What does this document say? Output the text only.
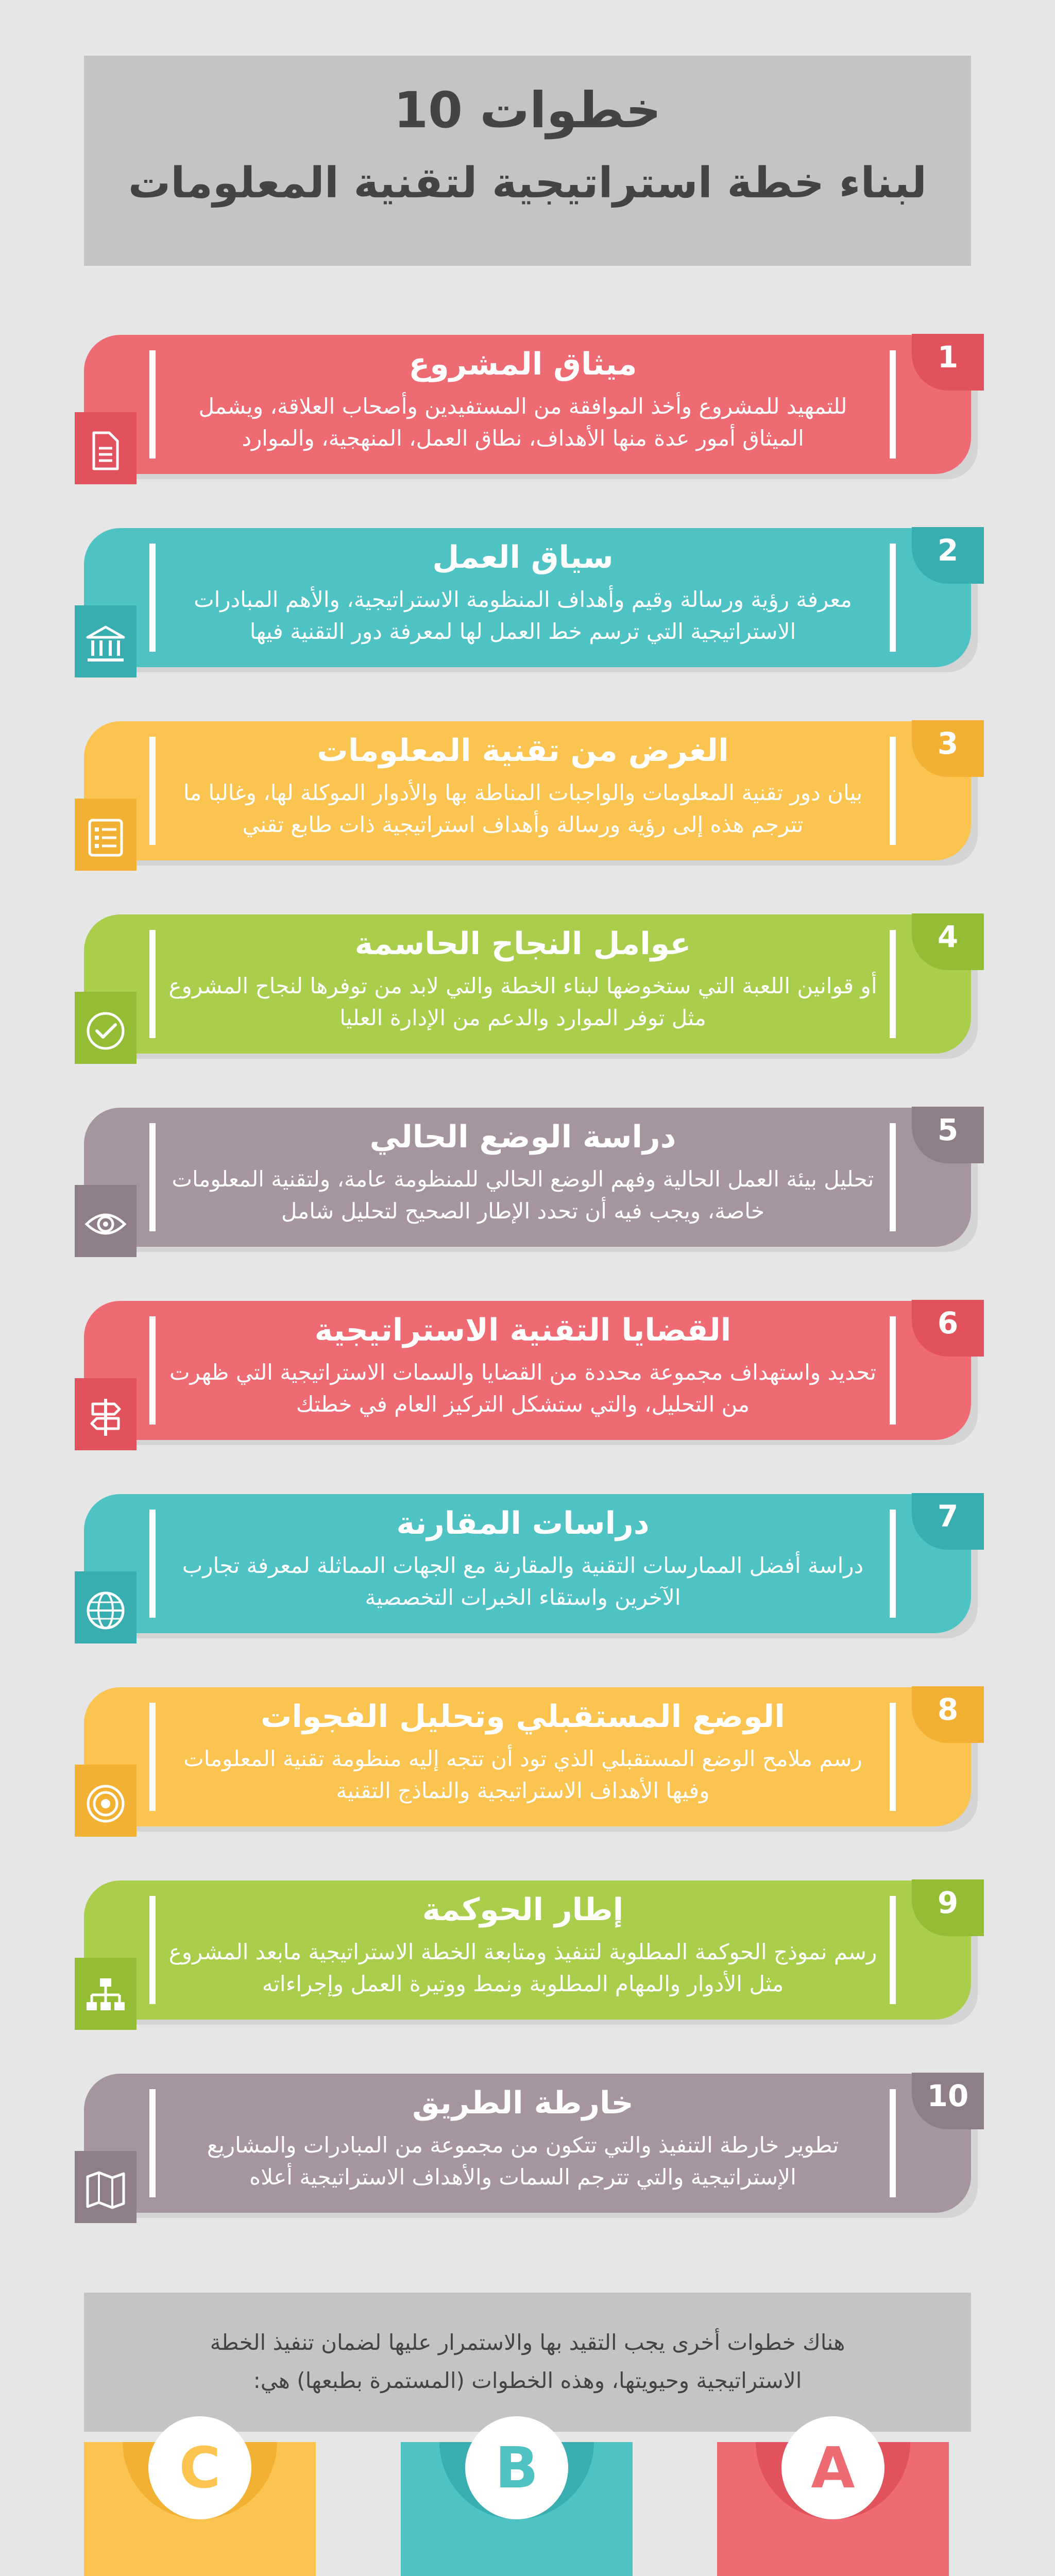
10 خطوات
لبناء خطة استراتيجية لتقنية المعلومات
1
ميثاق المشروع
للتمهيد للمشروع وأخذ الموافقة من المستفيدين وأصحاب العلاقة، ويشمل الميثاق أمور عدة منها الأهداف، نطاق العمل، المنهجية، والموارد
2
سياق العمل
معرفة رؤية ورسالة وقيم وأهداف المنظومة الاستراتيجية، والأهم المبادرات الاستراتيجية التي ترسم خط العمل لها لمعرفة دور التقنية فيها
3
الغرض من تقنية المعلومات
بيان دور تقنية المعلومات والواجبات المناطة بها والأدوار الموكلة لها، وغالبا ما تترجم هذه إلى رؤية ورسالة وأهداف استراتيجية ذات طابع تقني
4
عوامل النجاح الحاسمة
أو قوانين اللعبة التي ستخوضها لبناء الخطة والتي لابد من توفرها لنجاح المشروع مثل توفر الموارد والدعم من الإدارة العليا
5
دراسة الوضع الحالي
تحليل بيئة العمل الحالية وفهم الوضع الحالي للمنظومة عامة، ولتقنية المعلومات خاصة، ويجب فيه أن تحدد الإطار الصحيح لتحليل شامل
6
القضايا التقنية الاستراتيجية
تحديد واستهداف مجموعة محددة من القضايا والسمات الاستراتيجية التي ظهرت من التحليل، والتي ستشكل التركيز العام في خطتك
7
دراسات المقارنة
دراسة أفضل الممارسات التقنية والمقارنة مع الجهات المماثلة لمعرفة تجارب الآخرين واستقاء الخبرات التخصصية
8
الوضع المستقبلي وتحليل الفجوات
رسم ملامح الوضع المستقبلي الذي تود أن تتجه إليه منظومة تقنية المعلومات وفيها الأهداف الاستراتيجية والنماذج التقنية
9
إطار الحوكمة
رسم نموذج الحوكمة المطلوبة لتنفيذ ومتابعة الخطة الاستراتيجية مابعد المشروع مثل الأدوار والمهام المطلوبة ونمط ووتيرة العمل وإجراءاته
10
خارطة الطريق
تطوير خارطة التنفيذ والتي تتكون من مجموعة من المبادرات والمشاريع الإستراتيجية والتي تترجم السمات والأهداف الاستراتيجية أعلاه
هناك خطوات أخرى يجب التقيد بها والاستمرار عليها لضمان تنفيذ الخطة
الاستراتيجية وحيويتها، وهذه الخطوات (المستمرة بطبعها) هي:
A
B
C
